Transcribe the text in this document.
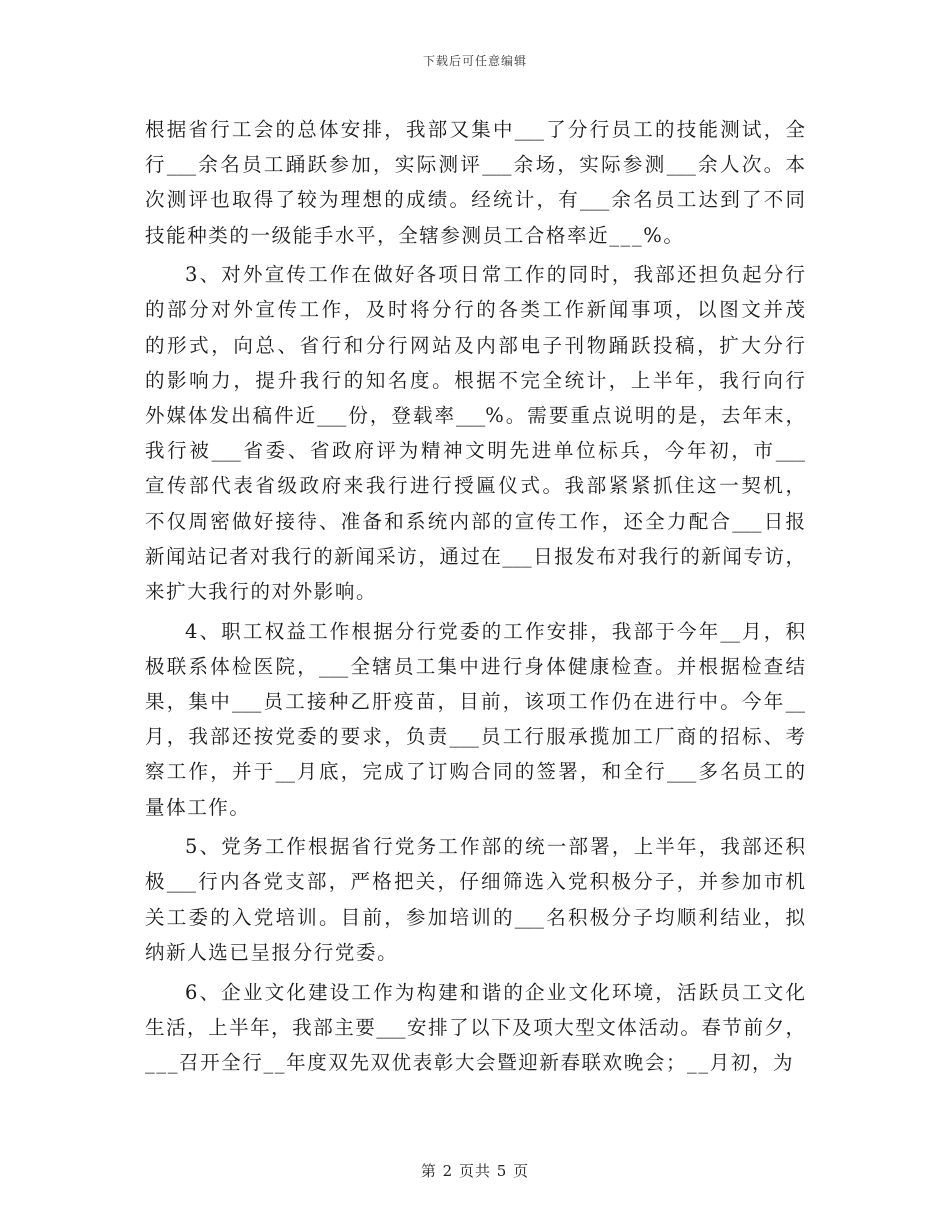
下载后可任意编辑
根据省行工会的总体安排，我部又集中___了分行员工的技能测试，全
行___余名员工踊跃参加，实际测评___余场，实际参测___余人次。本
次测评也取得了较为理想的成绩。经统计，有___余名员工达到了不同
技能种类的一级能手水平，全辖参测员工合格率近___%。
3、对外宣传工作在做好各项日常工作的同时，我部还担负起分行
的部分对外宣传工作，及时将分行的各类工作新闻事项，以图文并茂
的形式，向总、省行和分行网站及内部电子刊物踊跃投稿，扩大分行
的影响力，提升我行的知名度。根据不完全统计，上半年，我行向行
外媒体发出稿件近___份，登载率___%。需要重点说明的是，去年末，
我行被___省委、省政府评为精神文明先进单位标兵，今年初，市___
宣传部代表省级政府来我行进行授匾仪式。我部紧紧抓住这一契机，
不仅周密做好接待、准备和系统内部的宣传工作，还全力配合___日报
新闻站记者对我行的新闻采访，通过在___日报发布对我行的新闻专访，
来扩大我行的对外影响。
4、职工权益工作根据分行党委的工作安排，我部于今年__月，积
极联系体检医院，___全辖员工集中进行身体健康检查。并根据检查结
果，集中___员工接种乙肝疫苗，目前，该项工作仍在进行中。今年__
月，我部还按党委的要求，负责___员工行服承揽加工厂商的招标、考
察工作，并于__月底，完成了订购合同的签署，和全行___多名员工的
量体工作。
5、党务工作根据省行党务工作部的统一部署，上半年，我部还积
极___行内各党支部，严格把关，仔细筛选入党积极分子，并参加市机
关工委的入党培训。目前，参加培训的___名积极分子均顺利结业，拟
纳新人选已呈报分行党委。
6、企业文化建设工作为构建和谐的企业文化环境，活跃员工文化
生活，上半年，我部主要___安排了以下及项大型文体活动。春节前夕，
___召开全行__年度双先双优表彰大会暨迎新春联欢晚会；__月初，为
第 2 页共 5 页
